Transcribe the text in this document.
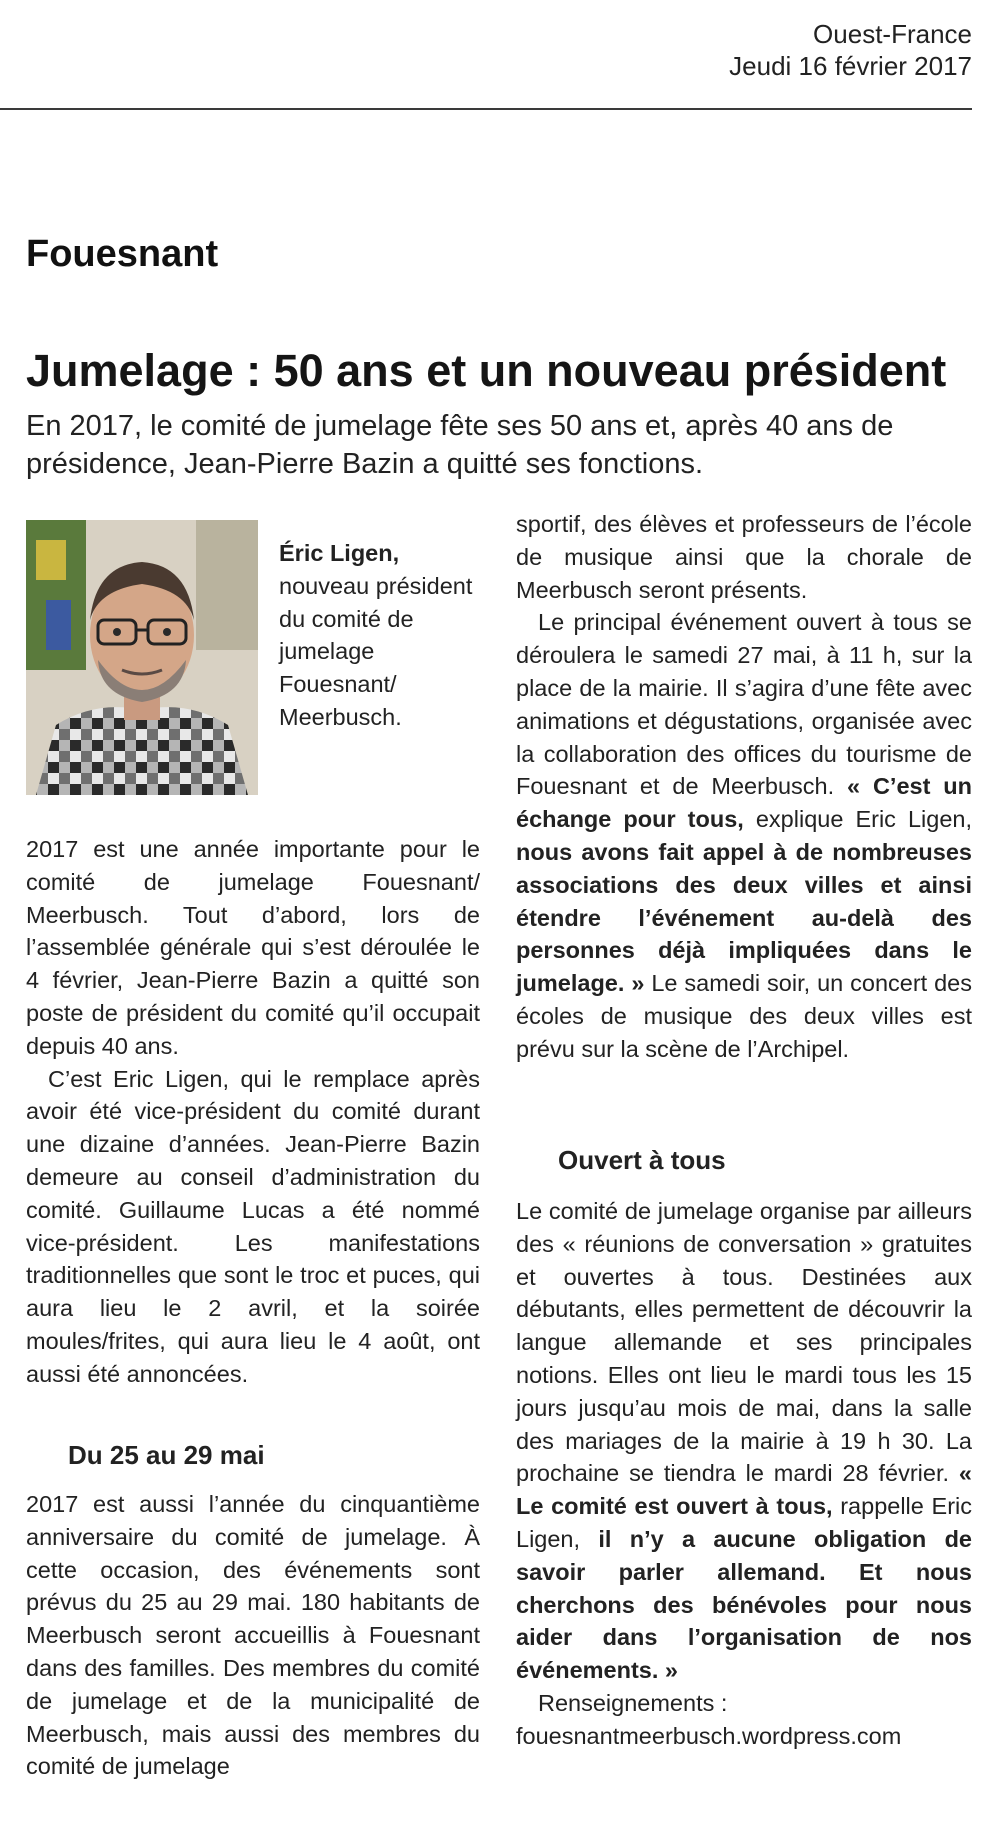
Ouest-France
Jeudi 16 février 2017
Fouesnant
Jumelage : 50 ans et un nouveau président
En 2017, le comité de jumelage fête ses 50 ans et, après 40 ans de présidence, Jean-Pierre Bazin a quitté ses fonctions.
Éric Ligen, nouveau président du comité de jumelage Fouesnant/ Meerbusch.

2017 est une année importante pour le comité de jumelage Fouesnant/ Meerbusch. Tout d’abord, lors de l’assemblée générale qui s’est déroulée le 4 février, Jean-Pierre Bazin a quitté son poste de président du comité qu’il occupait depuis 40 ans.

C’est Eric Ligen, qui le remplace après avoir été vice-président du comité durant une dizaine d’années. Jean-Pierre Bazin demeure au conseil d’administration du comité. Guillaume Lucas a été nommé vice-président. Les manifestations traditionnelles que sont le troc et puces, qui aura lieu le 2 avril, et la soirée moules/frites, qui aura lieu le 4 août, ont aussi été annoncées.

Du 25 au 29 mai

2017 est aussi l’année du cinquantième anniversaire du comité de jumelage. À cette occasion, des événements sont prévus du 25 au 29 mai. 180 habitants de Meerbusch seront accueillis à Fouesnant dans des familles. Des membres du comité de jumelage et de la municipalité de Meerbusch, mais aussi des membres du comité de jumelage

sportif, des élèves et professeurs de l’école de musique ainsi que la chorale de Meerbusch seront présents.

Le principal événement ouvert à tous se déroulera le samedi 27 mai, à 11 h, sur la place de la mairie. Il s’agira d’une fête avec animations et dégustations, organisée avec la collaboration des offices du tourisme de Fouesnant et de Meerbusch. « C’est un échange pour tous, explique Eric Ligen, nous avons fait appel à de nombreuses associations des deux villes et ainsi étendre l’événement au-delà des personnes déjà impliquées dans le jumelage. » Le samedi soir, un concert des écoles de musique des deux villes est prévu sur la scène de l’Archipel.

Ouvert à tous

Le comité de jumelage organise par ailleurs des « réunions de conversation » gratuites et ouvertes à tous. Destinées aux débutants, elles permettent de découvrir la langue allemande et ses principales notions. Elles ont lieu le mardi tous les 15 jours jusqu’au mois de mai, dans la salle des mariages de la mairie à 19 h 30. La prochaine se tiendra le mardi 28 février. « Le comité est ouvert à tous, rappelle Eric Ligen, il n’y a aucune obligation de savoir parler allemand. Et nous cherchons des bénévoles pour nous aider dans l’organisation de nos événements. »

Renseignements : fouesnantmeerbusch.wordpress.com
